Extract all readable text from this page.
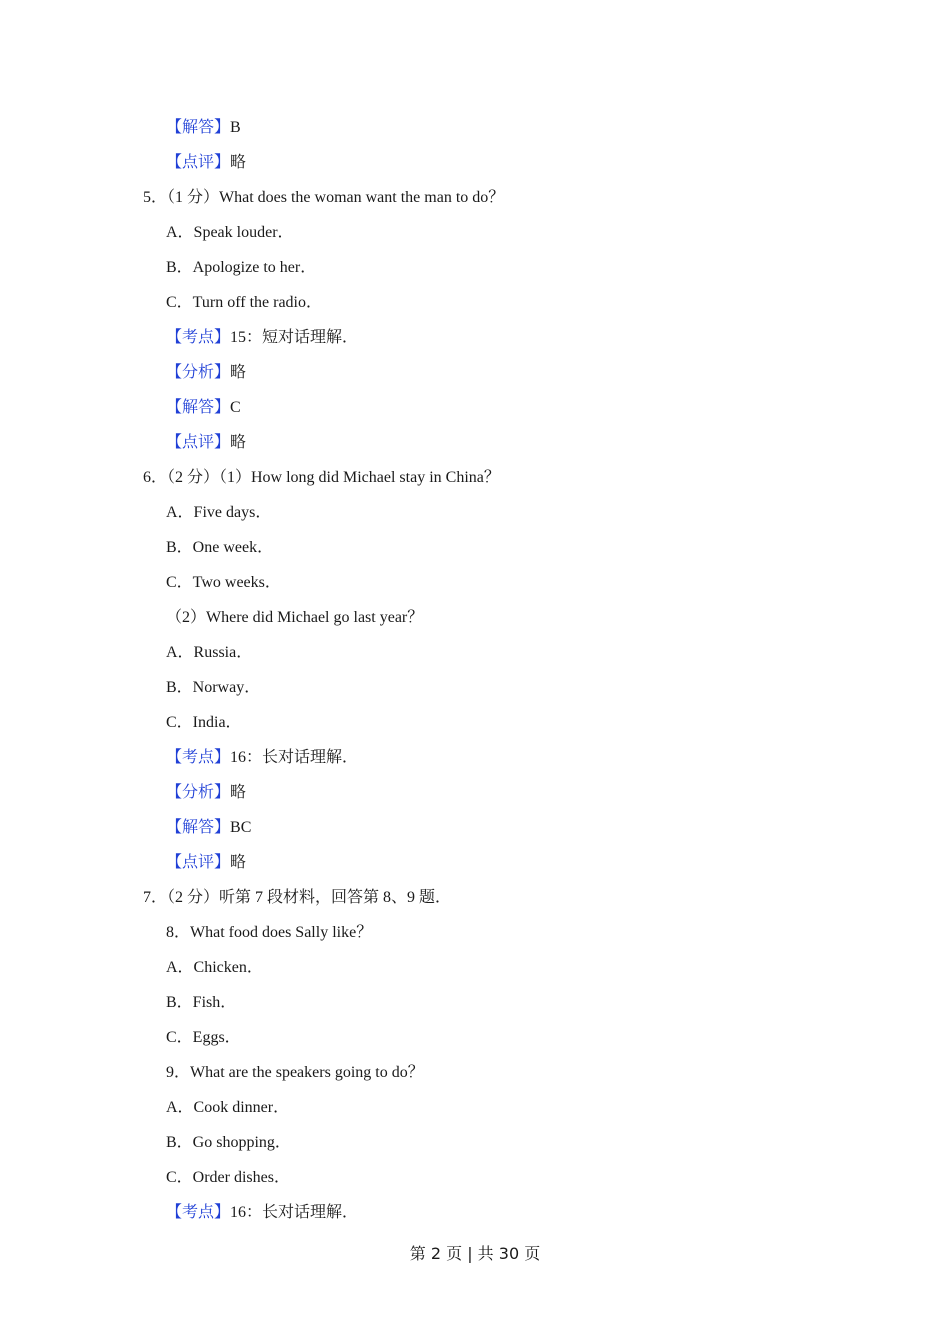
【解答】B
【点评】略
5．（1 分）What does the woman want the man to do？
A．Speak louder．
B．Apologize to her．
C．Turn off the radio．
【考点】15：短对话理解．
【分析】略
【解答】C
【点评】略
6．（2 分）（1）How long did Michael stay in China？
A．Five days．
B．One week．
C．Two weeks．
（2）Where did Michael go last year？
A．Russia．
B．Norway．
C．India．
【考点】16：长对话理解．
【分析】略
【解答】BC
【点评】略
7．（2 分）听第 7 段材料，回答第 8、9 题．
8．What food does Sally like？
A．Chicken．
B．Fish．
C．Eggs．
9．What are the speakers going to do？
A．Cook dinner．
B．Go shopping．
C．Order dishes．
【考点】16：长对话理解．
第 2 页 | 共 30 页
